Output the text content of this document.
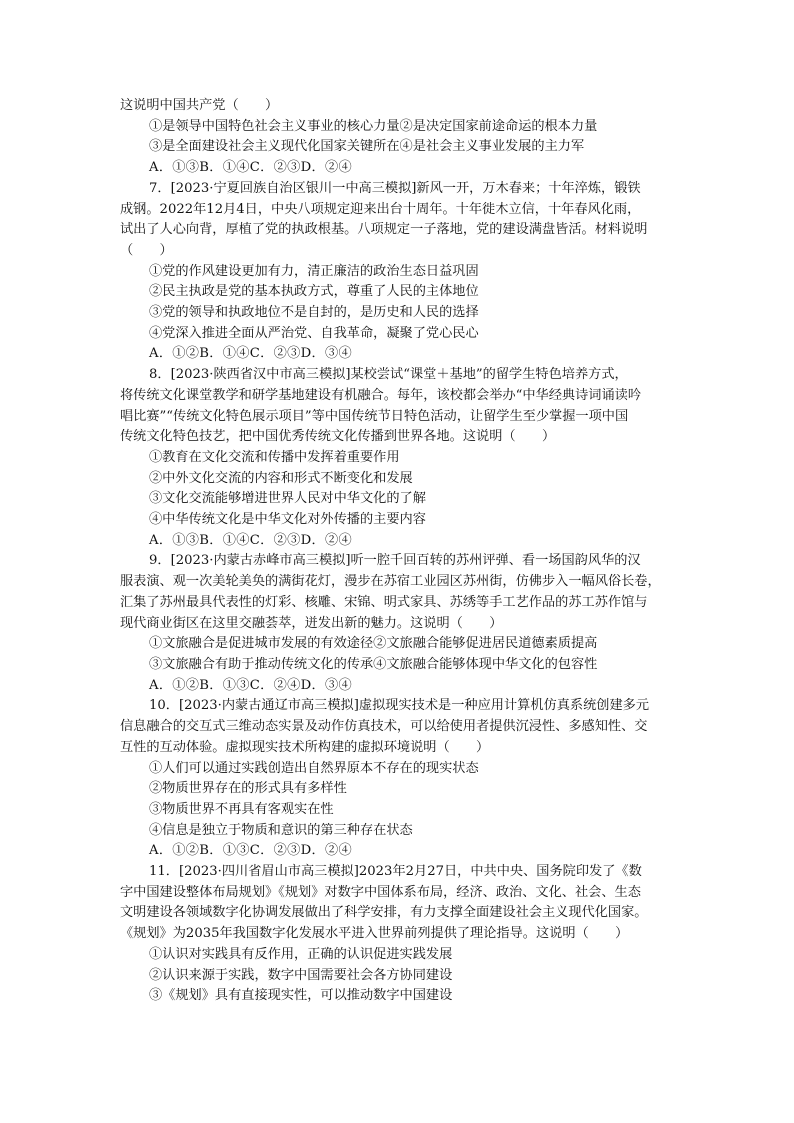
这说明中国共产党（　　）
①是领导中国特色社会主义事业的核心力量②是决定国家前途命运的根本力量
③是全面建设社会主义现代化国家关键所在④是社会主义事业发展的主力军
A．①③B．①④C．②③D．②④
7．[2023·宁夏回族自治区银川一中高三模拟]新风一开，万木春来；十年淬炼，锻铁
成钢。2022年12月4日，中央八项规定迎来出台十周年。十年徙木立信，十年春风化雨，
试出了人心向背，厚植了党的执政根基。八项规定一子落地，党的建设满盘皆活。材料说明
（　　）
①党的作风建设更加有力，清正廉洁的政治生态日益巩固
②民主执政是党的基本执政方式，尊重了人民的主体地位
③党的领导和执政地位不是自封的，是历史和人民的选择
④党深入推进全面从严治党、自我革命，凝聚了党心民心
A．①②B．①④C．②③D．③④
8．[2023·陕西省汉中市高三模拟]某校尝试“课堂＋基地”的留学生特色培养方式，
将传统文化课堂教学和研学基地建设有机融合。每年，该校都会举办“中华经典诗词诵读吟
唱比赛”“传统文化特色展示项目”等中国传统节日特色活动，让留学生至少掌握一项中国
传统文化特色技艺，把中国优秀传统文化传播到世界各地。这说明（　　）
①教育在文化交流和传播中发挥着重要作用
②中外文化交流的内容和形式不断变化和发展
③文化交流能够增进世界人民对中华文化的了解
④中华传统文化是中华文化对外传播的主要内容
A．①③B．①④C．②③D．②④
9．[2023·内蒙古赤峰市高三模拟]听一腔千回百转的苏州评弹、看一场国韵风华的汉
服表演、观一次美轮美奂的满街花灯，漫步在苏宿工业园区苏州街，仿佛步入一幅风俗长卷，
汇集了苏州最具代表性的灯彩、核雕、宋锦、明式家具、苏绣等手工艺作品的苏工苏作馆与
现代商业街区在这里交融荟萃，迸发出新的魅力。这说明（　　）
①文旅融合是促进城市发展的有效途径②文旅融合能够促进居民道德素质提高
③文旅融合有助于推动传统文化的传承④文旅融合能够体现中华文化的包容性
A．①②B．①③C．②④D．③④
10．[2023·内蒙古通辽市高三模拟]虚拟现实技术是一种应用计算机仿真系统创建多元
信息融合的交互式三维动态实景及动作仿真技术，可以给使用者提供沉浸性、多感知性、交
互性的互动体验。虚拟现实技术所构建的虚拟环境说明（　　）
①人们可以通过实践创造出自然界原本不存在的现实状态
②物质世界存在的形式具有多样性
③物质世界不再具有客观实在性
④信息是独立于物质和意识的第三种存在状态
A．①②B．①③C．②③D．②④
11．[2023·四川省眉山市高三模拟]2023年2月27日，中共中央、国务院印发了《数
字中国建设整体布局规划》《规划》对数字中国体系布局，经济、政治、文化、社会、生态
文明建设各领域数字化协调发展做出了科学安排，有力支撑全面建设社会主义现代化国家。
《规划》为2035年我国数字化发展水平进入世界前列提供了理论指导。这说明（　　）
①认识对实践具有反作用，正确的认识促进实践发展
②认识来源于实践，数字中国需要社会各方协同建设
③《规划》具有直接现实性，可以推动数字中国建设
